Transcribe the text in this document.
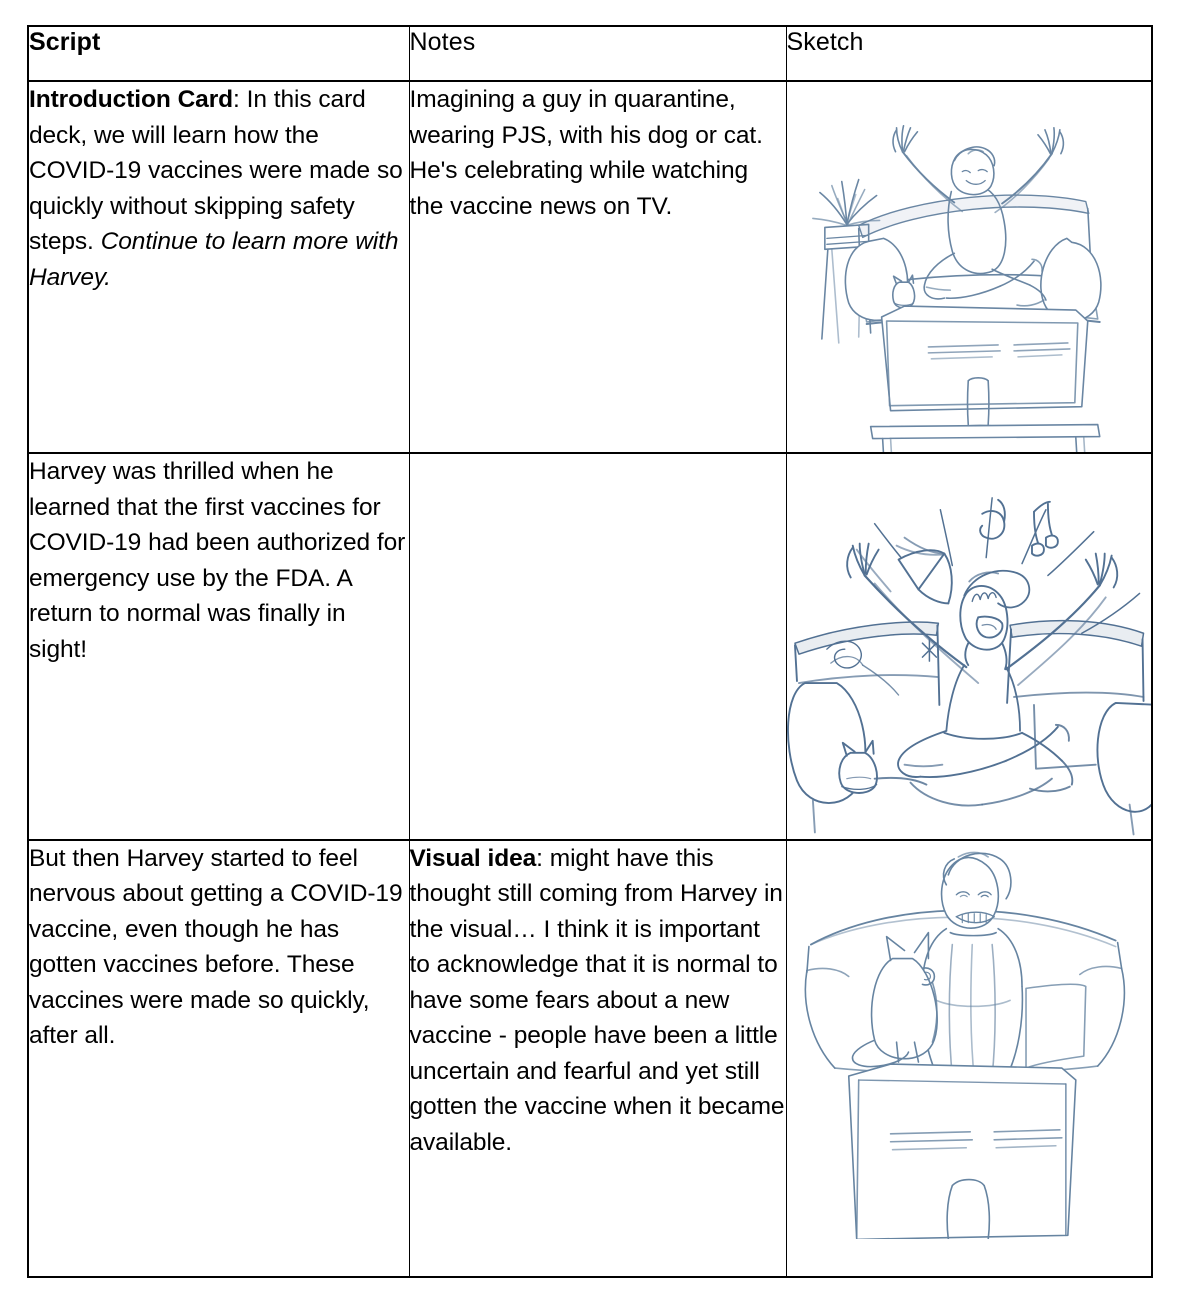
Script	Notes	Sketch

Introduction Card: In this card deck, we will learn how the COVID-19 vaccines were made so quickly without skipping safety steps. Continue to learn more with Harvey.	Imagining a guy in quarantine, wearing PJS, with his dog or cat. He's celebrating while watching the vaccine news on TV.

Harvey was thrilled when he learned that the first vaccines for COVID-19 had been authorized for emergency use by the FDA. A return to normal was finally in sight!

But then Harvey started to feel nervous about getting a COVID-19 vaccine, even though he has gotten vaccines before. These vaccines were made so quickly, after all.	Visual idea: might have this thought still coming from Harvey in the visual… I think it is important to acknowledge that it is normal to have some fears about a new vaccine - people have been a little uncertain and fearful and yet still gotten the vaccine when it became available.
